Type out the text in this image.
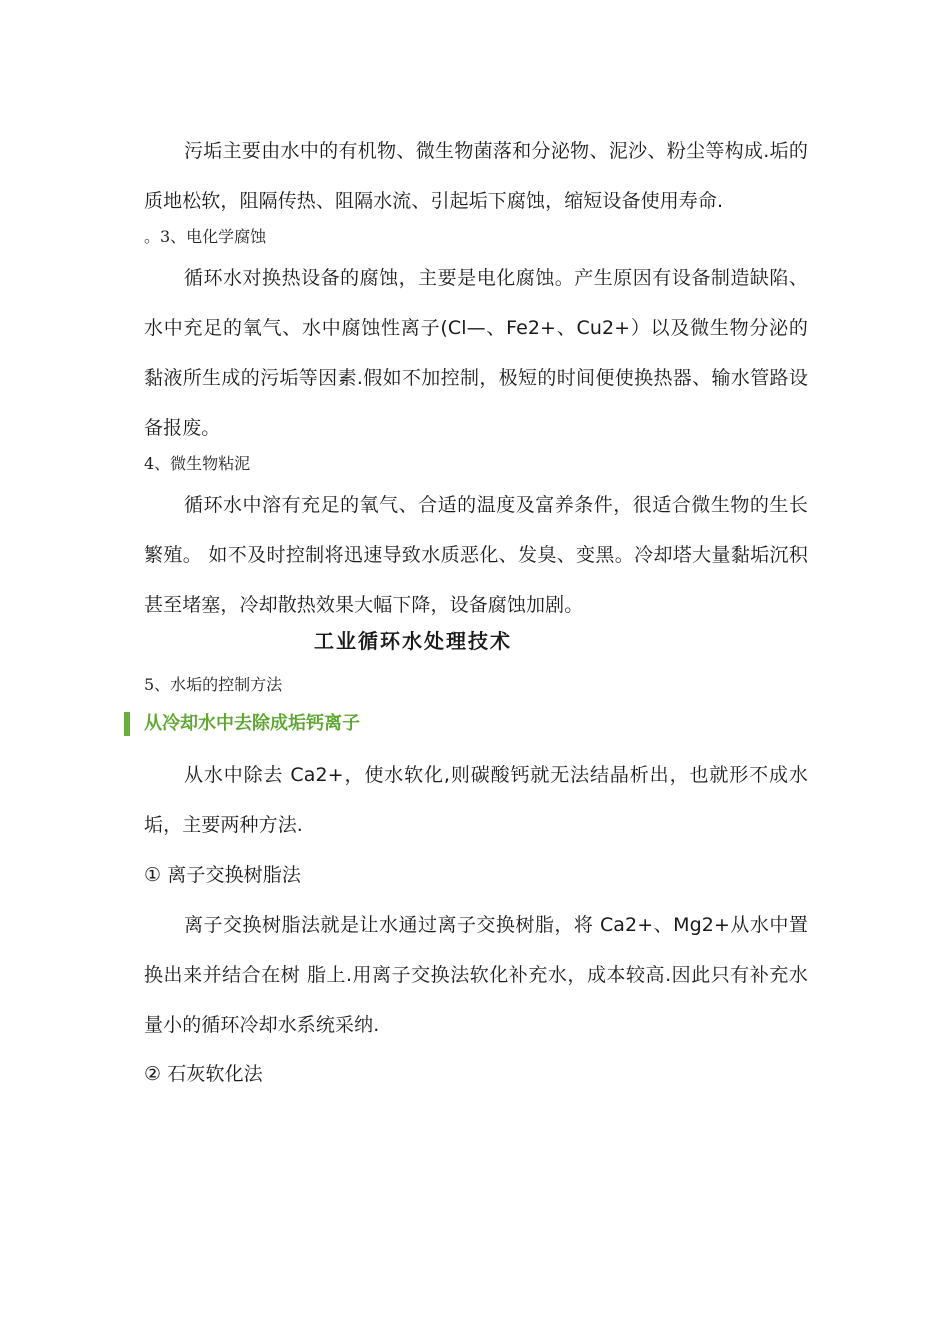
污垢主要由水中的有机物、微生物菌落和分泌物、泥沙、粉尘等构成.垢的质地松软，阻隔传热、阻隔水流、引起垢下腐蚀，缩短设备使用寿命.

。3、电化学腐蚀

循环水对换热设备的腐蚀，主要是电化腐蚀。产生原因有设备制造缺陷、水中充足的氧气、水中腐蚀性离子(Cl—、Fe2+、Cu2+）以及微生物分泌的黏液所生成的污垢等因素.假如不加控制，极短的时间便使换热器、输水管路设备报废。

4、微生物粘泥

循环水中溶有充足的氧气、合适的温度及富养条件，很适合微生物的生长繁殖。 如不及时控制将迅速导致水质恶化、发臭、变黑。冷却塔大量黏垢沉积甚至堵塞，冷却散热效果大幅下降，设备腐蚀加剧。

工业循环水处理技术

5、水垢的控制方法

从冷却水中去除成垢钙离子

从水中除去 Ca2+，使水软化,则碳酸钙就无法结晶析出，也就形不成水垢，主要两种方法.

① 离子交换树脂法

离子交换树脂法就是让水通过离子交换树脂，将 Ca2+、Mg2+从水中置换出来并结合在树 脂上.用离子交换法软化补充水，成本较高.因此只有补充水量小的循环冷却水系统采纳.

② 石灰软化法
